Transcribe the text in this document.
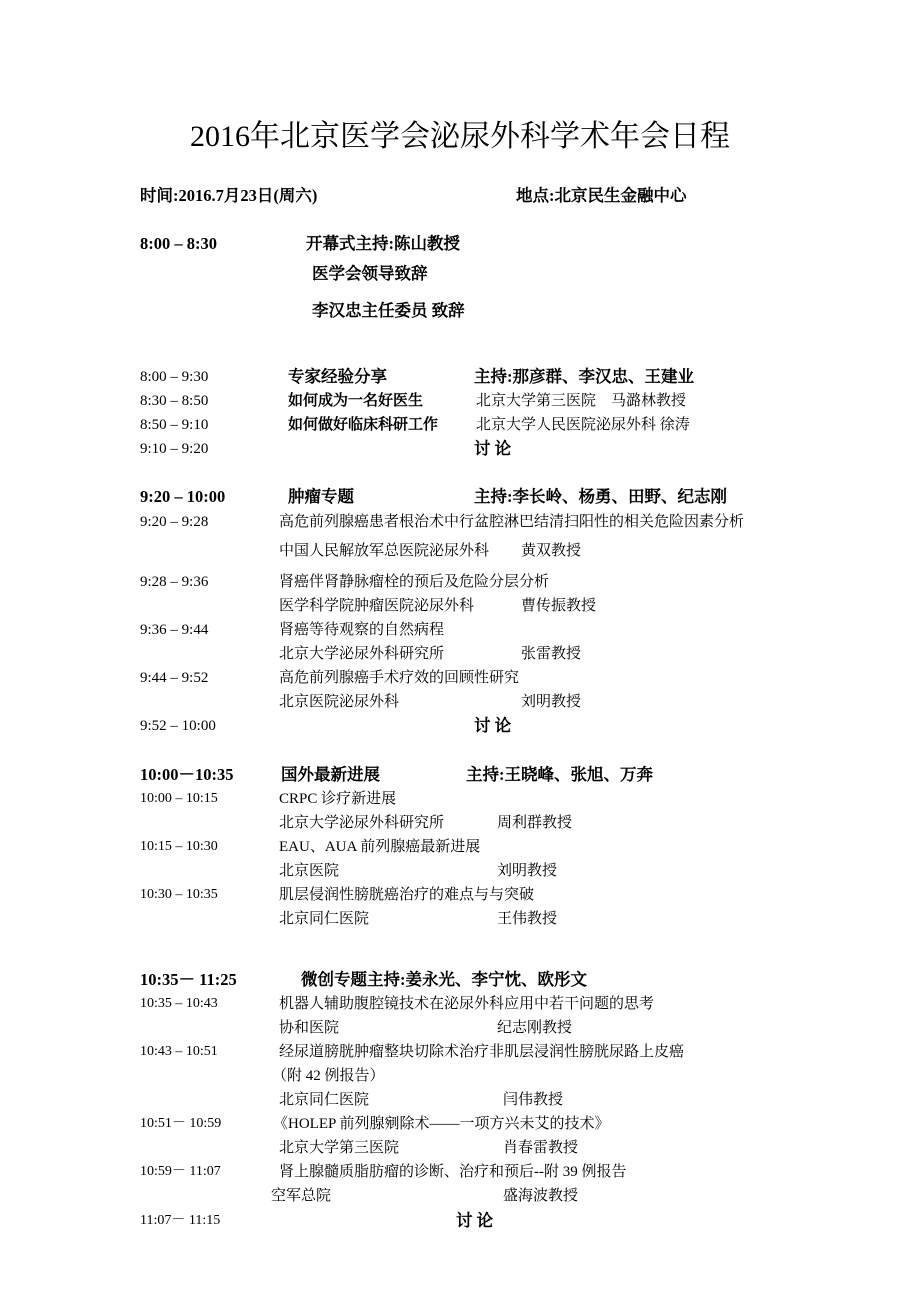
2016年北京医学会泌尿外科学术年会日程
时间:2016.7月23日(周六)	地点:北京民生金融中心
8:00 – 8:30	开幕式主持:陈山教授
医学会领导致辞
李汉忠主任委员 致辞
8:00 – 9:30	专家经验分享	主持:那彦群、李汉忠、王建业
8:30 – 8:50	如何成为一名好医生	北京大学第三医院　马潞林教授
8:50 – 9:10	如何做好临床科研工作	北京大学人民医院泌尿外科 徐涛
9:10 – 9:20	讨 论
9:20 – 10:00	肿瘤专题	主持:李长岭、杨勇、田野、纪志刚
9:20 – 9:28	高危前列腺癌患者根治术中行盆腔淋巴结清扫阳性的相关危险因素分析
中国人民解放军总医院泌尿外科 黄双教授
9:28 – 9:36	肾癌伴肾静脉瘤栓的预后及危险分层分析
医学科学院肿瘤医院泌尿外科	曹传振教授
9:36 – 9:44	肾癌等待观察的自然病程
北京大学泌尿外科研究所	张雷教授
9:44 – 9:52	高危前列腺癌手术疗效的回顾性研究
北京医院泌尿外科	刘明教授
9:52 – 10:00	讨 论
10:00－10:35	国外最新进展	主持:王晓峰、张旭、万奔
10:00 – 10:15	CRPC 诊疗新进展
北京大学泌尿外科研究所	周利群教授
10:15 – 10:30	EAU、AUA 前列腺癌最新进展
北京医院	刘明教授
10:30 – 10:35	肌层侵润性膀胱癌治疗的难点与与突破
北京同仁医院	王伟教授
10:35－ 11:25	微创专题主持:姜永光、李宁忱、欧彤文
10:35 – 10:43	机器人辅助腹腔镜技术在泌尿外科应用中若干问题的思考
协和医院	纪志刚教授
10:43 – 10:51	经尿道膀胱肿瘤整块切除术治疗非肌层浸润性膀胱尿路上皮癌
（附 42 例报告）
北京同仁医院	闫伟教授
10:51－ 10:59	《HOLEP 前列腺剜除术——一项方兴未艾的技术》
北京大学第三医院	肖春雷教授
10:59－ 11:07	肾上腺髓质脂肪瘤的诊断、治疗和预后--附 39 例报告
空军总院	盛海波教授
11:07－ 11:15	讨 论
